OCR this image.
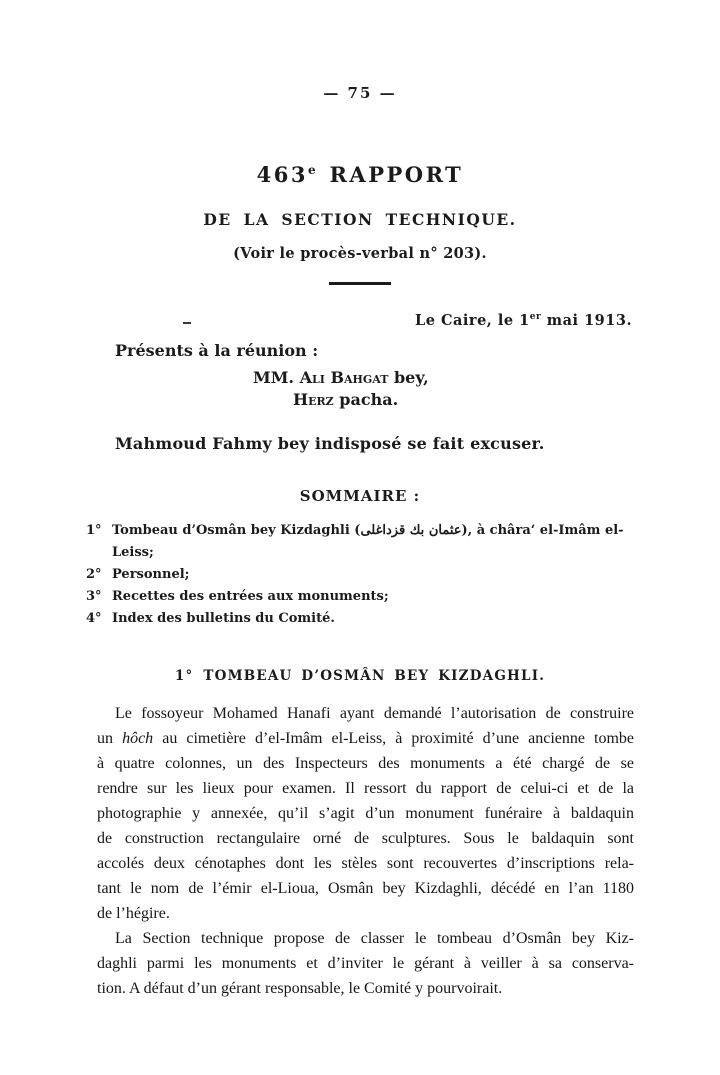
— 75 —
463e RAPPORT
DE LA SECTION TECHNIQUE.
(Voir le procès-verbal n° 203).
Le Caire, le 1er mai 1913.
Présents à la réunion :
MM. Ali Bahgat bey,
Herz pacha.
Mahmoud Fahmy bey indisposé se fait excuser.
SOMMAIRE :
1° Tombeau d’Osmân bey Kizdaghli (عثمان بك قزداغلى), à châra‘ el-Imâm el-Leiss;
2° Personnel;
3° Recettes des entrées aux monuments;
4° Index des bulletins du Comité.
1° TOMBEAU D’OSMÂN BEY KIZDAGHLI.
Le fossoyeur Mohamed Hanafi ayant demandé l’autorisation de construire
un hôch au cimetière d’el-Imâm el-Leiss, à proximité d’une ancienne tombe
à quatre colonnes, un des Inspecteurs des monuments a été chargé de se
rendre sur les lieux pour examen. Il ressort du rapport de celui-ci et de la
photographie y annexée, qu’il s’agit d’un monument funéraire à baldaquin
de construction rectangulaire orné de sculptures. Sous le baldaquin sont
accolés deux cénotaphes dont les stèles sont recouvertes d’inscriptions rela-
tant le nom de l’émir el-Lioua, Osmân bey Kizdaghli, décédé en l’an 1180
de l’hégire.
La Section technique propose de classer le tombeau d’Osmân bey Kiz-
daghli parmi les monuments et d’inviter le gérant à veiller à sa conserva-
tion. A défaut d’un gérant responsable, le Comité y pourvoirait.
